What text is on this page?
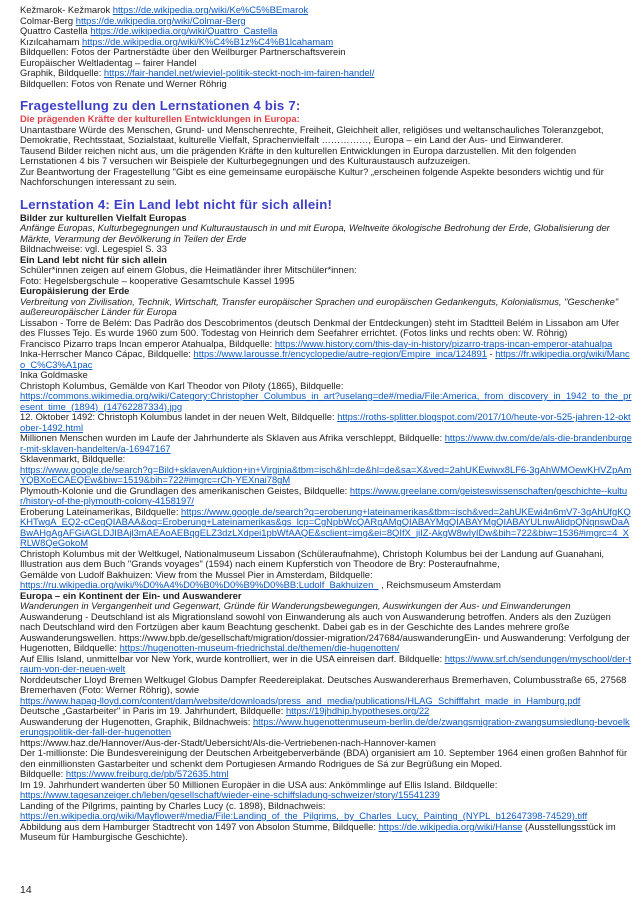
Kežmarok- Kežmarok https://de.wikipedia.org/wiki/Ke%C5%BEmarok

Colmar-Berg https://de.wikipedia.org/wiki/Colmar-Berg

Quattro Castella https://de.wikipedia.org/wiki/Quattro_Castella

Kızılcahamam https://de.wikipedia.org/wiki/K%C4%B1z%C4%B1lcahamam

Bildquellen: Fotos der Partnerstädte über den Weilburger Partnerschaftsverein

Europäischer Weltladentag – fairer Handel

Graphik, Bildquelle: https://fair-handel.net/wieviel-politik-steckt-noch-im-fairen-handel/

Bildquellen: Fotos von Renate und Werner Röhrig

Fragestellung zu den Lernstationen 4 bis 7:

Die prägenden Kräfte der kulturellen Entwicklungen in Europa:

Unantastbare Würde des Menschen, Grund- und Menschenrechte, Freiheit, Gleichheit aller, religiöses und weltanschauliches Toleranzgebot, Demokratie, Rechtsstaat, Sozialstaat, kulturelle Vielfalt, Sprachenvielfalt ……………, Europa – ein Land der Aus- und Einwanderer.

Tausend Bilder reichen nicht aus, um die prägenden Kräfte in den kulturellen Entwicklungen in Europa darzustellen. Mit den folgenden Lernstationen 4 bis 7 versuchen wir Beispiele der Kulturbegegnungen und des Kulturaustausch aufzuzeigen.

Zur Beantwortung der Fragestellung "Gibt es eine gemeinsame europäische Kultur? „erscheinen folgende Aspekte besonders wichtig und für Nachforschungen interessant zu sein.

Lernstation 4: Ein Land lebt nicht für sich allein!

Bilder zur kulturellen Vielfalt Europas

Anfänge Europas, Kulturbegegnungen und Kulturaustausch in und mit Europa, Weltweite ökologische Bedrohung der Erde, Globalisierung der Märkte, Verarmung der Bevölkerung in Teilen der Erde

Bildnachweise: vgl. Legespiel S. 33

Ein Land lebt nicht für sich allein

Schüler*innen zeigen auf einem Globus, die Heimatländer ihrer Mitschüler*innen:

Foto: Hegelsbergschule – kooperative Gesamtschule Kassel 1995

Europäisierung der Erde

Verbreitung von Zivilisation, Technik, Wirtschaft, Transfer europäischer Sprachen und europäischen Gedankenguts, Kolonialismus, "Geschenke" außereuropäischer Länder für Europa

Lissabon - Torre de Belém: Das Padrão dos Descobrimentos (deutsch Denkmal der Entdeckungen) steht im Stadtteil Belém in Lissabon am Ufer des Flusses Tejo. Es wurde 1960 zum 500. Todestag von Heinrich dem Seefahrer errichtet. (Fotos links und rechts oben: W. Röhrig)

Francisco Pizarro traps Incan emperor Atahualpa, Bildquelle: https://www.history.com/this-day-in-history/pizarro-traps-incan-emperor-atahualpa

Inka-Herrscher Manco Cápac, Bildquelle: https://www.larousse.fr/encyclopedie/autre-region/Empire_inca/124891 - https://fr.wikipedia.org/wiki/Manco_C%C3%A1pac

Inka Goldmaske

Christoph Kolumbus, Gemälde von Karl Theodor von Piloty (1865), Bildquelle:

https://commons.wikimedia.org/wiki/Category:Christopher_Columbus_in_art?uselang=de#/media/File:America,_from_discovery_in_1942_to_the_present_time_(1894)_(14762287334).jpg

12. Oktober 1492: Christoph Kolumbus landet in der neuen Welt, Bildquelle: https://roths-splitter.blogspot.com/2017/10/heute-vor-525-jahren-12-oktober-1492.html

Millionen Menschen wurden im Laufe der Jahrhunderte als Sklaven aus Afrika verschleppt, Bildquelle: https://www.dw.com/de/als-die-brandenburger-mit-sklaven-handelten/a-16947167

Sklavenmarkt, Bildquelle:

https://www.google.de/search?q=Bild+sklavenAuktion+in+Virginia&tbm=isch&hl=de&hl=de&sa=X&ved=2ahUKEwiwx8LF6-3gAhWMOewKHVZpAmYQBXoECAEQEw&biw=1519&bih=722#imgrc=rCh-YEXnai78gM

Plymouth-Kolonie und die Grundlagen des amerikanischen Geistes, Bildquelle: https://www.greelane.com/geisteswissenschaften/geschichte--kultur/history-of-the-plymouth-colony-4158197/

Eroberung Lateinamerikas, Bildquelle: https://www.google.de/search?q=eroberung+lateinamerikas&tbm=isch&ved=2ahUKEwi4n6mV7-3gAhUfgKQKHTwgA_EQ2-cCegQIABAA&oq=Eroberung+Lateinamerikas&gs_lcp=CgNpbWcQARgAMgQIABAYMgQIABAYMgQIABAYULnwAlidpQNqnswDaABwAHgAgAFGiAGLDJIBAjl3mAEAoAEBqgELZ3dzLXdpei1pbWfAAQE&sclient=img&ei=8QIfX_jiIZ-AkgW8wIyIDw&bih=722&biw=1536#imgrc=4_XRLW8QeGokoM

Christoph Kolumbus mit der Weltkugel, Nationalmuseum Lissabon (Schüleraufnahme), Christoph Kolumbus bei der Landung auf Guanahani, Illustration aus dem Buch "Grands voyages" (1594) nach einem Kupferstich von Theodore de Bry: Posteraufnahme,

Gemälde von Ludolf Bakhuizen: View from the Mussel Pier in Amsterdam, Bildquelle:

https://ru.wikipedia.org/wiki/%D0%A4%D0%B0%D0%B9%D0%BB:Ludolf_Bakhuizen_ , Reichsmuseum Amsterdam

Europa – ein Kontinent der Ein- und Auswanderer

Wanderungen in Vergangenheit und Gegenwart, Gründe für Wanderungsbewegungen, Auswirkungen der Aus- und Einwanderungen

Auswanderung - Deutschland ist als Migrationsland sowohl von Einwanderung als auch von Auswanderung betroffen. Anders als den Zuzügen nach Deutschland wird den Fortzügen aber kaum Beachtung geschenkt. Dabei gab es in der Geschichte des Landes mehrere große Auswanderungswellen. https://www.bpb.de/gesellschaft/migration/dossier-migration/247684/auswanderungEin- und Auswanderung: Verfolgung der Hugenotten, Bildquelle: https://hugenotten-museum-friedrichstal.de/themen/die-hugenotten/

Auf Ellis Island, unmittelbar vor New York, wurde kontrolliert, wer in die USA einreisen darf. Bildquelle: https://www.srf.ch/sendungen/myschool/der-traum-von-der-neuen-welt

Norddeutscher Lloyd Bremen Weltkugel Globus Dampfer Reedereiplakat. Deutsches Auswandererhaus Bremerhaven, Columbusstraße 65, 27568 Bremerhaven (Foto: Werner Röhrig), sowie

https://www.hapag-lloyd.com/content/dam/website/downloads/press_and_media/publications/HLAG_Schifffahrt_made_in_Hamburg.pdf

Deutsche „Gastarbeiter" in Paris im 19. Jahrhundert, Bildquelle: https://19jhdhip.hypotheses.org/22

Auswanderung der Hugenotten, Graphik, Bildnachweis: https://www.hugenottenmuseum-berlin.de/de/zwangsmigration-zwangsumsiedlung-bevoelkerungspolitik-der-fall-der-hugenotten

https://www.haz.de/Hannover/Aus-der-Stadt/Uebersicht/Als-die-Vertriebenen-nach-Hannover-kamen

Der 1-millionste: Die Bundesvereinigung der Deutschen Arbeitgeberverbände (BDA) organisiert am 10. September 1964 einen großen Bahnhof für den einmillionsten Gastarbeiter und schenkt dem Portugiesen Armando Rodrigues de Sá zur Begrüßung ein Moped.

Bildquelle: https://www.freiburg.de/pb/572635.html

Im 19. Jahrhundert wanderten über 50 Millionen Europäer in die USA aus: Ankömmlinge auf Ellis Island. Bildquelle:

https://www.tagesanzeiger.ch/leben/gesellschaft/wieder-eine-schiffsladung-schweizer/story/15541239

Landing of the Pilgrims, painting by Charles Lucy (c. 1898), Bildnachweis:

https://en.wikipedia.org/wiki/Mayflower#/media/File:Landing_of_the_Pilgrims,_by_Charles_Lucy,_Painting_(NYPL_b12647398-74529).tiff

Abbildung aus dem Hamburger Stadtrecht von 1497 von Absolon Stumme, Bildquelle: https://de.wikipedia.org/wiki/Hanse (Ausstellungsstück im Museum für Hamburgische Geschichte).

14
